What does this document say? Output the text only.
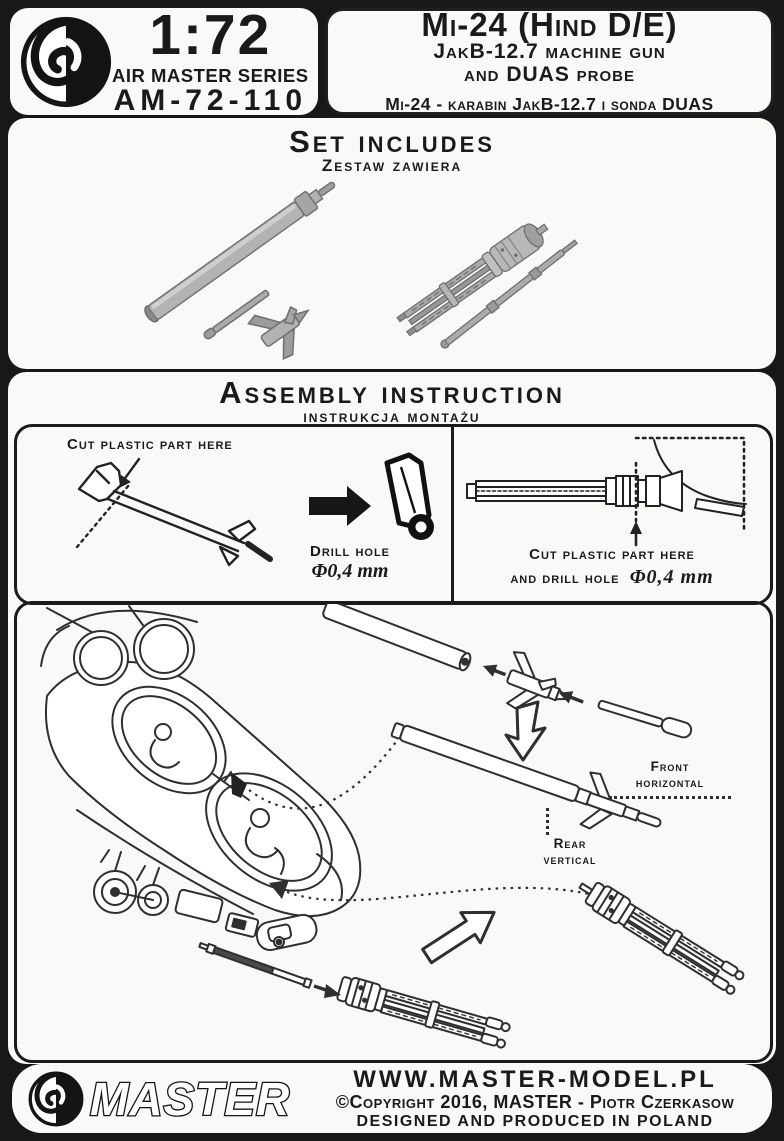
1:72
AIR MASTER SERIES
AM-72-110
Mi-24 (Hind D/E)
JakB-12.7 machine gun
and DUAS probe
Mi-24 - karabin JakB-12.7 i sonda DUAS
Set includes
Zestaw zawiera
Assembly instruction
instrukcja montażu
Cut plastic part here
Drill hole
Φ0,4 mm
Cut plastic part here
and drill hole Φ0,4 mm
Front
horizontal
Rear
vertical
MASTER	WWW.MASTER-MODEL.PL
©Copyright 2016, MASTER - Piotr Czerkasow
DESIGNED AND PRODUCED IN POLAND
